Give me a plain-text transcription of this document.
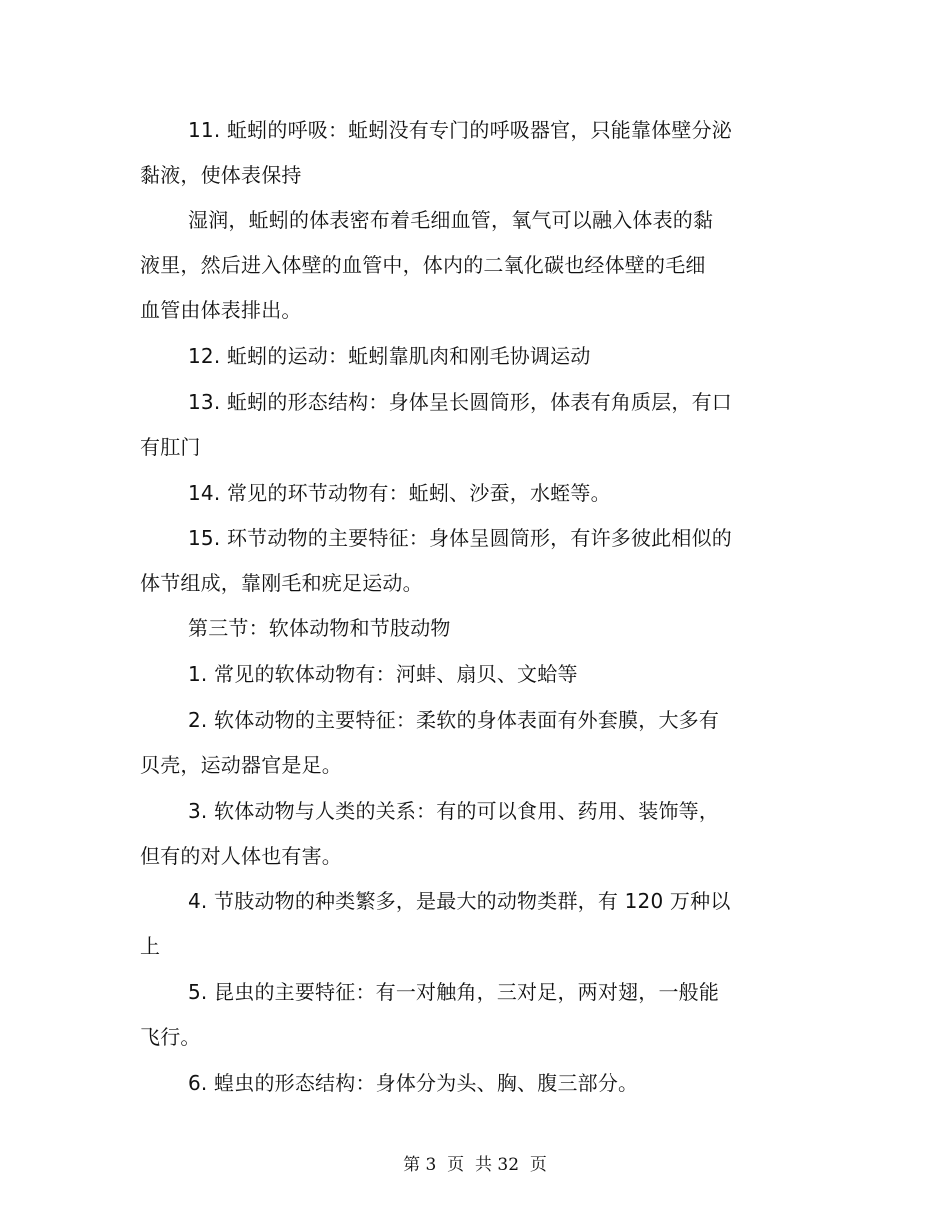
11. 蚯蚓的呼吸：蚯蚓没有专门的呼吸器官，只能靠体壁分泌
黏液，使体表保持
湿润，蚯蚓的体表密布着毛细血管，氧气可以融入体表的黏
液里，然后进入体壁的血管中，体内的二氧化碳也经体壁的毛细
血管由体表排出。
12. 蚯蚓的运动：蚯蚓靠肌肉和刚毛协调运动
13. 蚯蚓的形态结构：身体呈长圆筒形，体表有角质层，有口
有肛门
14. 常见的环节动物有：蚯蚓、沙蚕，水蛭等。
15. 环节动物的主要特征：身体呈圆筒形，有许多彼此相似的
体节组成，靠刚毛和疣足运动。
第三节：软体动物和节肢动物
1. 常见的软体动物有：河蚌、扇贝、文蛤等
2. 软体动物的主要特征：柔软的身体表面有外套膜，大多有
贝壳，运动器官是足。
3. 软体动物与人类的关系：有的可以食用、药用、装饰等，
但有的对人体也有害。
4. 节肢动物的种类繁多，是最大的动物类群，有 120 万种以
上
5. 昆虫的主要特征：有一对触角，三对足，两对翅，一般能
飞行。
6. 蝗虫的形态结构：身体分为头、胸、腹三部分。
第 3  页  共 32  页
